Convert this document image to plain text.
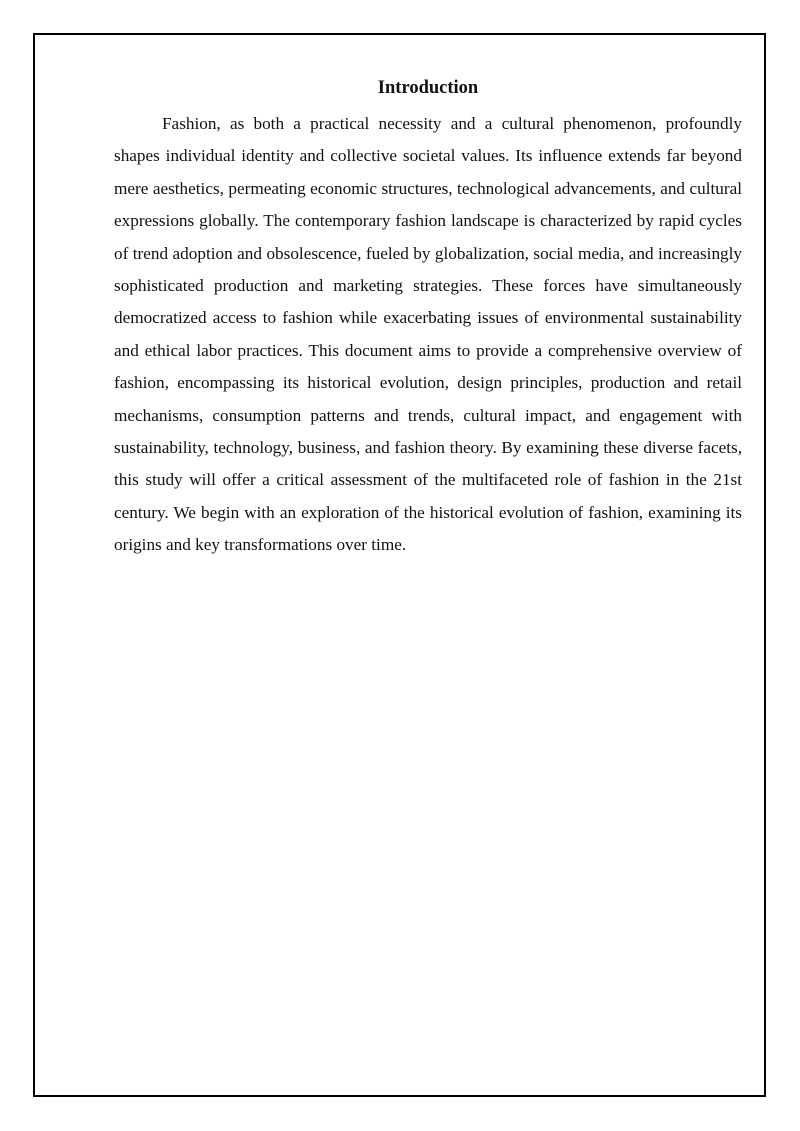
Introduction

Fashion, as both a practical necessity and a cultural phenomenon, profoundly shapes individual identity and collective societal values. Its influence extends far beyond mere aesthetics, permeating economic structures, technological advancements, and cultural expressions globally. The contemporary fashion landscape is characterized by rapid cycles of trend adoption and obsolescence, fueled by globalization, social media, and increasingly sophisticated production and marketing strategies. These forces have simultaneously democratized access to fashion while exacerbating issues of environmental sustainability and ethical labor practices. This document aims to provide a comprehensive overview of fashion, encompassing its historical evolution, design principles, production and retail mechanisms, consumption patterns and trends, cultural impact, and engagement with sustainability, technology, business, and fashion theory. By examining these diverse facets, this study will offer a critical assessment of the multifaceted role of fashion in the 21st century. We begin with an exploration of the historical evolution of fashion, examining its origins and key transformations over time.
